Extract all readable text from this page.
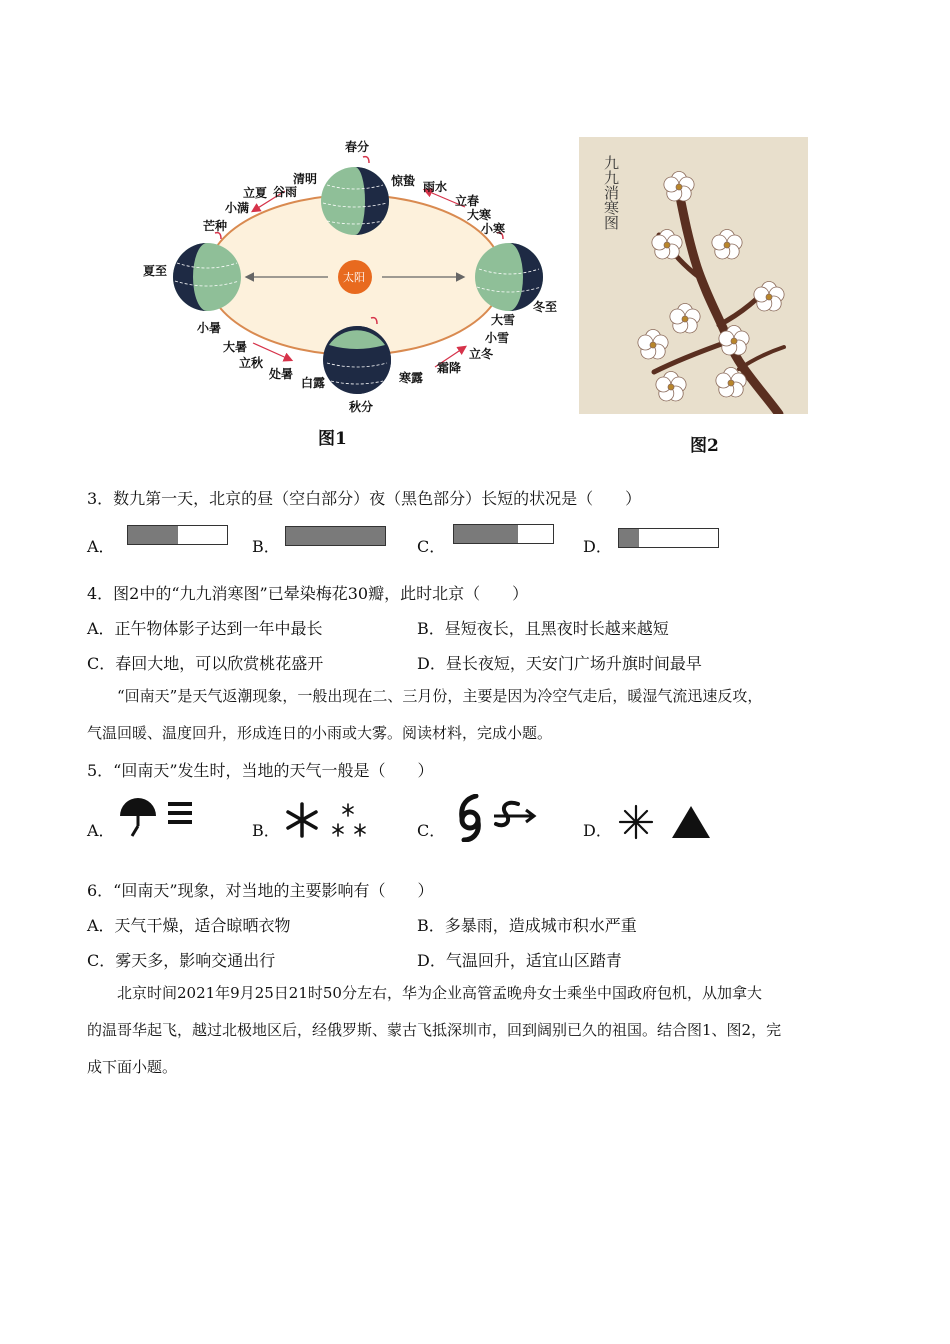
春分
清明
谷雨
立夏
小满
芒种
夏至
小暑
大暑
立秋
处暑
白露
秋分
寒露
霜降
立冬
小雪
大雪
冬至
小寒
大寒
立春
雨水
惊蛰
太阳
图1
九九消寒图
图2
3．数九第一天，北京的昼（空白部分）夜（黑色部分）长短的状况是（　　）
A．	B．	C．	D．
4．图2中的“九九消寒图”已晕染梅花30瓣，此时北京（　　）
A．正午物体影子达到一年中最长	B．昼短夜长，且黑夜时长越来越短
C．春回大地，可以欣赏桃花盛开	D．昼长夜短，天安门广场升旗时间最早
“回南天”是天气返潮现象，一般出现在二、三月份，主要是因为冷空气走后，暖湿气流迅速反攻，
气温回暖、温度回升，形成连日的小雨或大雾。阅读材料，完成小题。
5．“回南天”发生时，当地的天气一般是（　　）
A．	B．	C．	D．
6．“回南天”现象，对当地的主要影响有（　　）
A．天气干燥，适合晾晒衣物	B．多暴雨，造成城市积水严重
C．雾天多，影响交通出行	D．气温回升，适宜山区踏青
北京时间2021年9月25日21时50分左右，华为企业高管孟晚舟女士乘坐中国政府包机，从加拿大
的温哥华起飞，越过北极地区后，经俄罗斯、蒙古飞抵深圳市，回到阔别已久的祖国。结合图1、图2，完
成下面小题。
